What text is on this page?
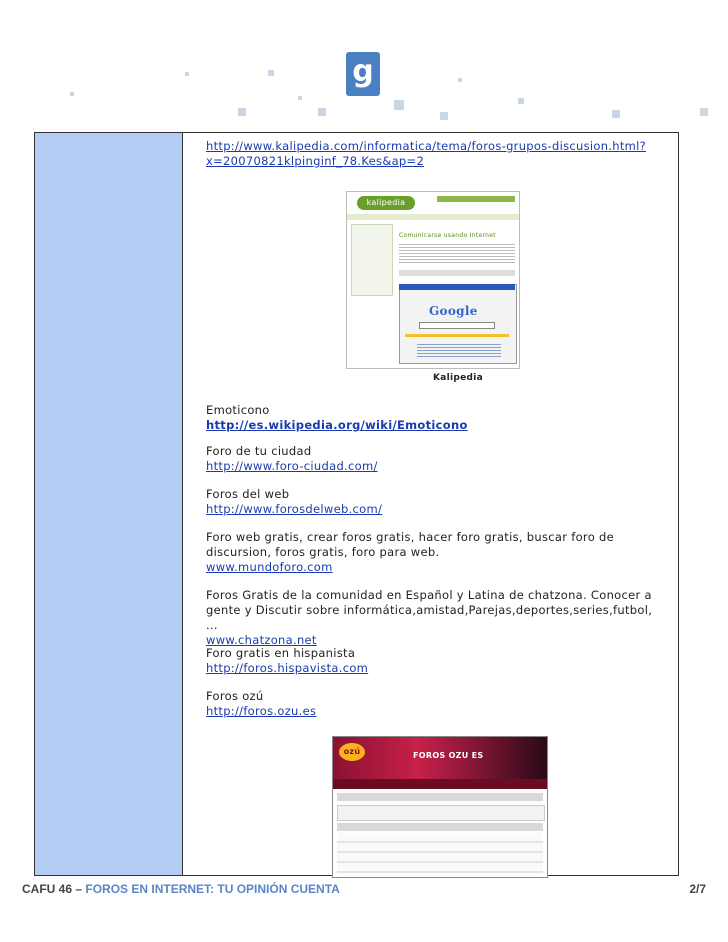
g
http://www.kalipedia.com/informatica/tema/foros-grupos-discusion.html?
x=20070821klpinginf_78.Kes&ap=2
kalipedia
Comunicarse usando Internet
Google
Kalipedia
Emoticono
http://es.wikipedia.org/wiki/Emoticono
Foro de tu ciudad
http://www.foro-ciudad.com/
Foros del web
http://www.forosdelweb.com/
Foro web gratis, crear foros gratis, hacer foro gratis, buscar foro de discursion, foros gratis, foro para web.
www.mundoforo.com
Foros Gratis de la comunidad en Español y Latina de chatzona. Conocer a gente y Discutir sobre informática,amistad,Parejas,deportes,series,futbol, ...
www.chatzona.net
Foro gratis en hispanista
http://foros.hispavista.com
Foros ozú
http://foros.ozu.es
ozú	FOROS OZU ES
CAFU 46 – FOROS EN INTERNET: TU OPINIÓN CUENTA	2/7
